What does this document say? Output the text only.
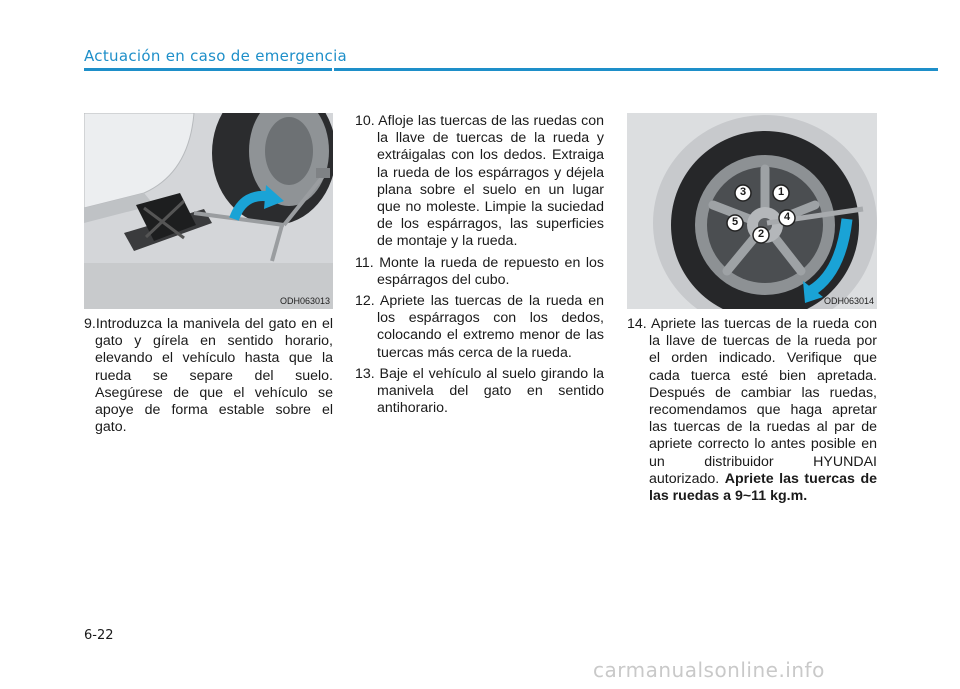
Actuación en caso de emergencia
ODH063013
3	1
4
5
2
ODH063014

9.Introduzca la manivela del gato en el gato y gírela en sentido horario, elevando el vehículo hasta que la rueda se separe del suelo. Asegúrese de que el vehículo se apoye de forma estable sobre el gato.

10. Afloje las tuercas de las ruedas con la llave de tuercas de la rueda y extráigalas con los dedos. Extraiga la rueda de los espárragos y déjela plana sobre el suelo en un lugar que no moleste. Limpie la suciedad de los espárragos, las superficies de montaje y la rueda.

11. Monte la rueda de repuesto en los espárragos del cubo.

12. Apriete las tuercas de la rueda en los espárragos con los dedos, colocando el extremo menor de las tuercas más cerca de la rueda.

13. Baje el vehículo al suelo girando la manivela del gato en sentido antihorario.

14. Apriete las tuercas de la rueda con la llave de tuercas de la rueda por el orden indicado. Verifique que cada tuerca esté bien apretada. Después de cambiar las ruedas, recomendamos que haga apretar las tuercas de la ruedas al par de apriete correcto lo antes posible en un distribuidor HYUNDAI autorizado. Apriete las tuercas de las ruedas a 9~11 kg.m.

6-22
carmanualsonline.info
